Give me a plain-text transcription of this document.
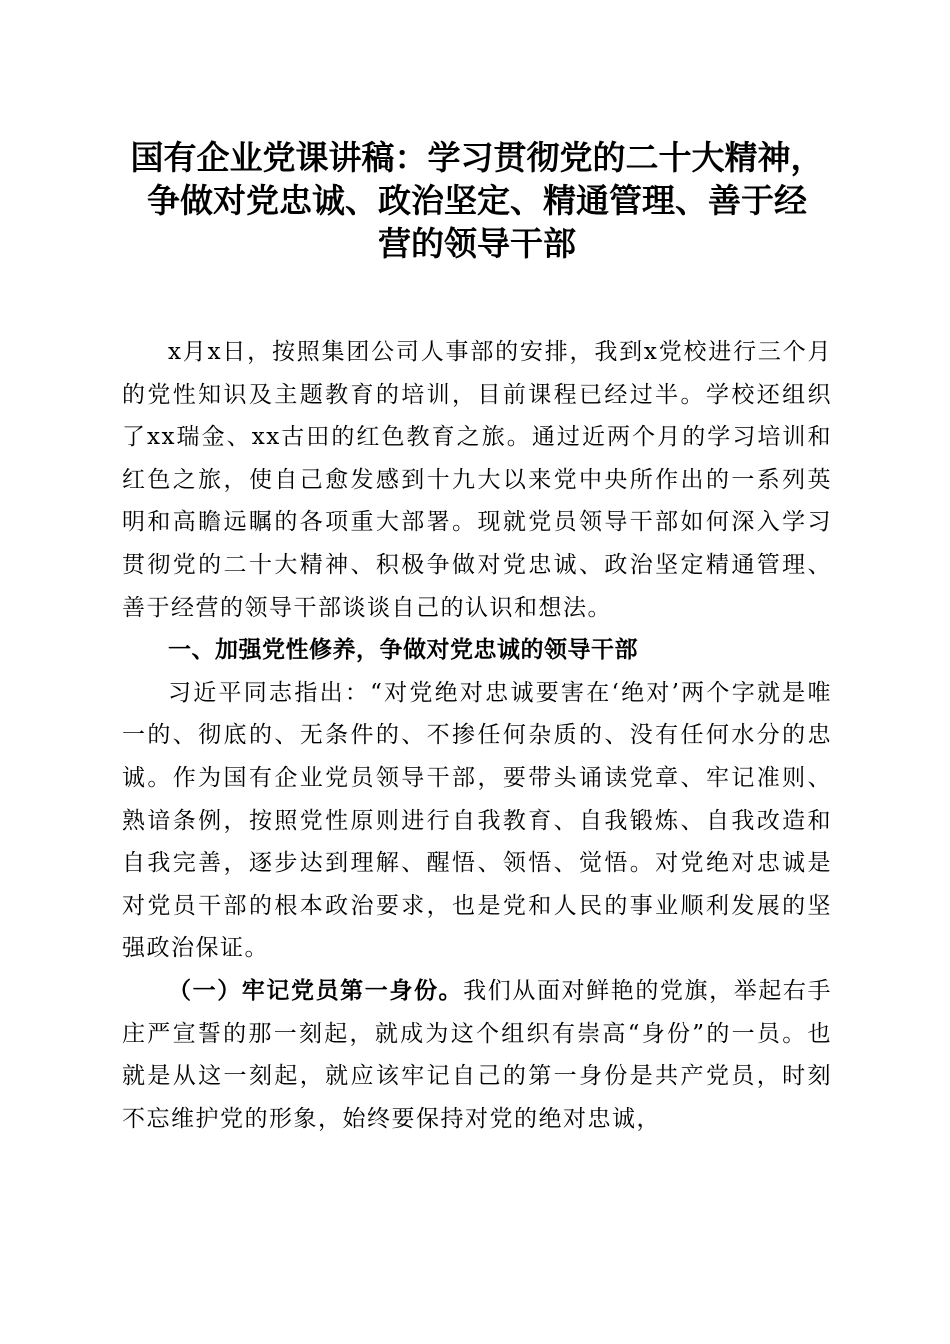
国有企业党课讲稿：学习贯彻党的二十大精神，
争做对党忠诚、政治坚定、精通管理、善于经
营的领导干部

x月x日，按照集团公司人事部的安排，我到x党校进行三个月的党性知识及主题教育的培训，目前课程已经过半。学校还组织了xx瑞金、xx古田的红色教育之旅。通过近两个月的学习培训和红色之旅，使自己愈发感到十九大以来党中央所作出的一系列英明和高瞻远瞩的各项重大部署。现就党员领导干部如何深入学习贯彻党的二十大精神、积极争做对党忠诚、政治坚定精通管理、善于经营的领导干部谈谈自己的认识和想法。

一、加强党性修养，争做对党忠诚的领导干部

习近平同志指出：“对党绝对忠诚要害在‘绝对’两个字就是唯一的、彻底的、无条件的、不掺任何杂质的、没有任何水分的忠诚。作为国有企业党员领导干部，要带头诵读党章、牢记准则、熟谙条例，按照党性原则进行自我教育、自我锻炼、自我改造和自我完善，逐步达到理解、醒悟、领悟、觉悟。对党绝对忠诚是对党员干部的根本政治要求，也是党和人民的事业顺利发展的坚强政治保证。

（一）牢记党员第一身份。我们从面对鲜艳的党旗，举起右手庄严宣誓的那一刻起，就成为这个组织有崇高“身份”的一员。也就是从这一刻起，就应该牢记自己的第一身份是共产党员，时刻不忘维护党的形象，始终要保持对党的绝对忠诚，
